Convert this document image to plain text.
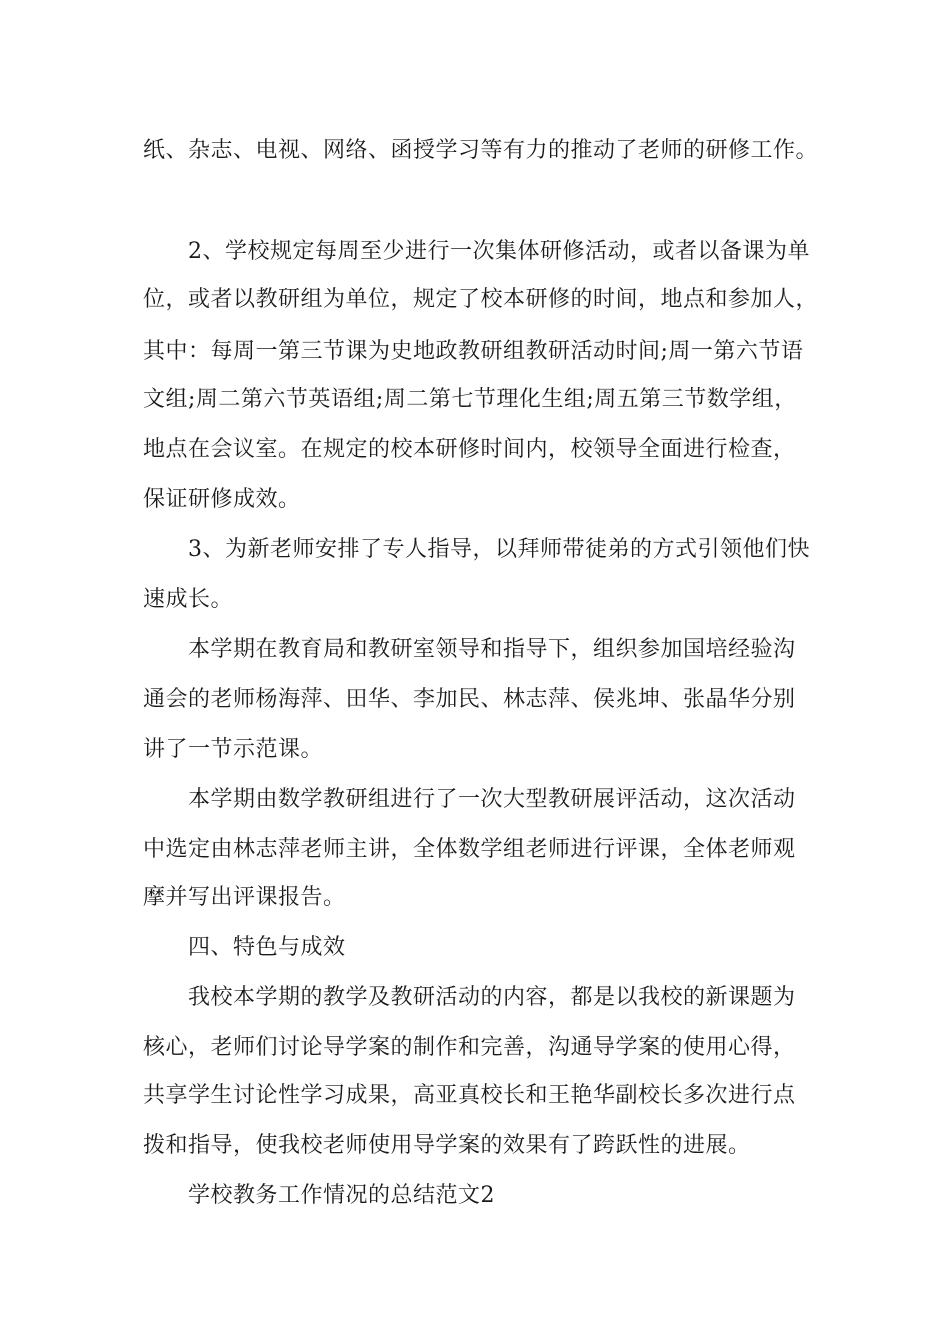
纸、杂志、电视、网络、函授学习等有力的推动了老师的研修工作。
2、学校规定每周至少进行一次集体研修活动，或者以备课为单
位，或者以教研组为单位，规定了校本研修的时间，地点和参加人，
其中：每周一第三节课为史地政教研组教研活动时间;周一第六节语
文组;周二第六节英语组;周二第七节理化生组;周五第三节数学组，
地点在会议室。在规定的校本研修时间内，校领导全面进行检查，
保证研修成效。
3、为新老师安排了专人指导，以拜师带徒弟的方式引领他们快
速成长。
本学期在教育局和教研室领导和指导下，组织参加国培经验沟
通会的老师杨海萍、田华、李加民、林志萍、侯兆坤、张晶华分别
讲了一节示范课。
本学期由数学教研组进行了一次大型教研展评活动，这次活动
中选定由林志萍老师主讲，全体数学组老师进行评课，全体老师观
摩并写出评课报告。
四、特色与成效
我校本学期的教学及教研活动的内容，都是以我校的新课题为
核心，老师们讨论导学案的制作和完善，沟通导学案的使用心得，
共享学生讨论性学习成果，高亚真校长和王艳华副校长多次进行点
拨和指导，使我校老师使用导学案的效果有了跨跃性的进展。
学校教务工作情况的总结范文2
